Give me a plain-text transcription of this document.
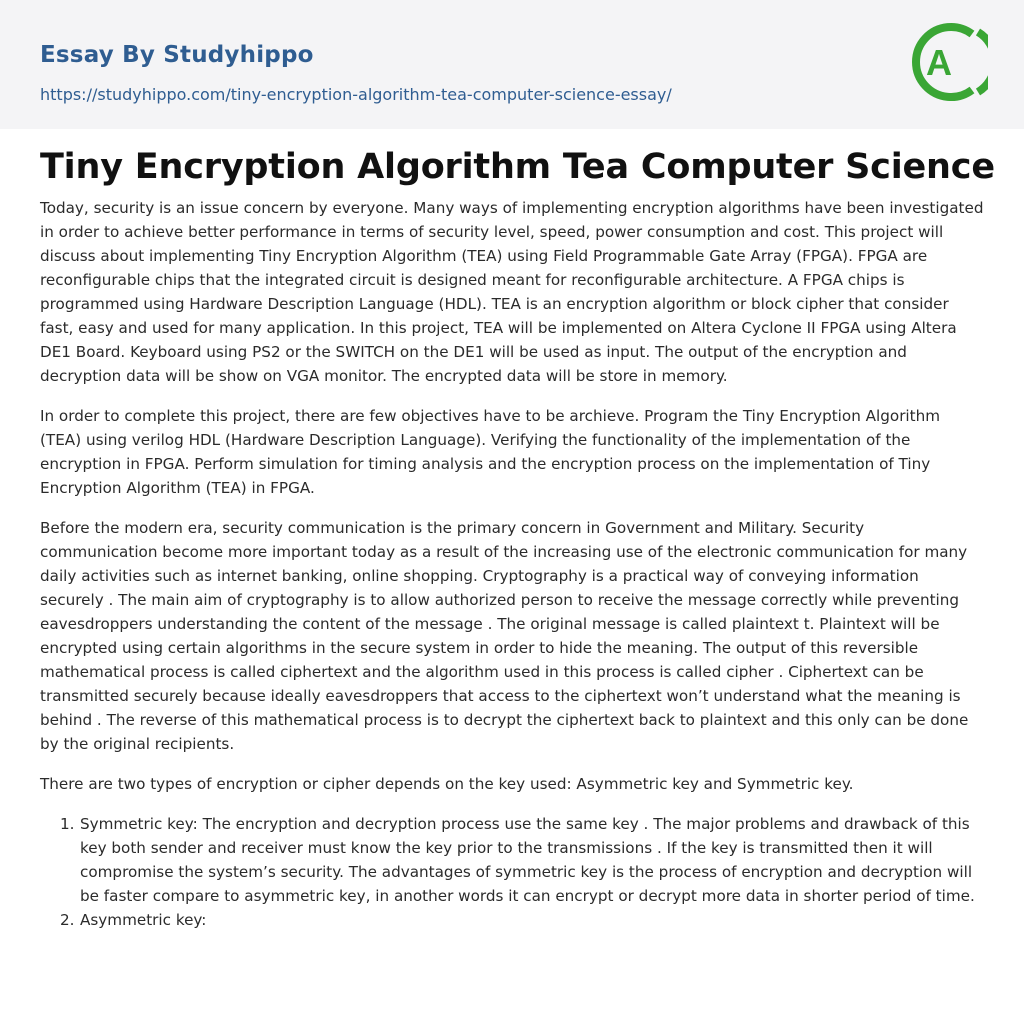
Essay By Studyhippo
https://studyhippo.com/tiny-encryption-algorithm-tea-computer-science-essay/
A
Tiny Encryption Algorithm Tea Computer Science

Today, security is an issue concern by everyone. Many ways of implementing encryption algorithms have been investigated in order to achieve better performance in terms of security level, speed, power consumption and cost. This project will discuss about implementing Tiny Encryption Algorithm (TEA) using Field Programmable Gate Array (FPGA). FPGA are reconfigurable chips that the integrated circuit is designed meant for reconfigurable architecture. A FPGA chips is programmed using Hardware Description Language (HDL). TEA is an encryption algorithm or block cipher that consider fast, easy and used for many application. In this project, TEA will be implemented on Altera Cyclone II FPGA using Altera DE1 Board. Keyboard using PS2 or the SWITCH on the DE1 will be used as input. The output of the encryption and decryption data will be show on VGA monitor. The encrypted data will be store in memory.

In order to complete this project, there are few objectives have to be archieve. Program the Tiny Encryption Algorithm (TEA) using verilog HDL (Hardware Description Language). Verifying the functionality of the implementation of the encryption in FPGA. Perform simulation for timing analysis and the encryption process on the implementation of Tiny Encryption Algorithm (TEA) in FPGA.

Before the modern era, security communication is the primary concern in Government and Military. Security communication become more important today as a result of the increasing use of the electronic communication for many daily activities such as internet banking, online shopping. Cryptography is a practical way of conveying information securely . The main aim of cryptography is to allow authorized person to receive the message correctly while preventing eavesdroppers understanding the content of the message . The original message is called plaintext t. Plaintext will be encrypted using certain algorithms in the secure system in order to hide the meaning. The output of this reversible mathematical process is called ciphertext and the algorithm used in this process is called cipher . Ciphertext can be transmitted securely because ideally eavesdroppers that access to the ciphertext won’t understand what the meaning is behind . The reverse of this mathematical process is to decrypt the ciphertext back to plaintext and this only can be done by the original recipients.

There are two types of encryption or cipher depends on the key used: Asymmetric key and Symmetric key.

1. Symmetric key: The encryption and decryption process use the same key . The major problems and drawback of this key both sender and receiver must know the key prior to the transmissions . If the key is transmitted then it will compromise the system’s security. The advantages of symmetric key is the process of encryption and decryption will be faster compare to asymmetric key, in another words it can encrypt or decrypt more data in shorter period of time.
2. Asymmetric key:
